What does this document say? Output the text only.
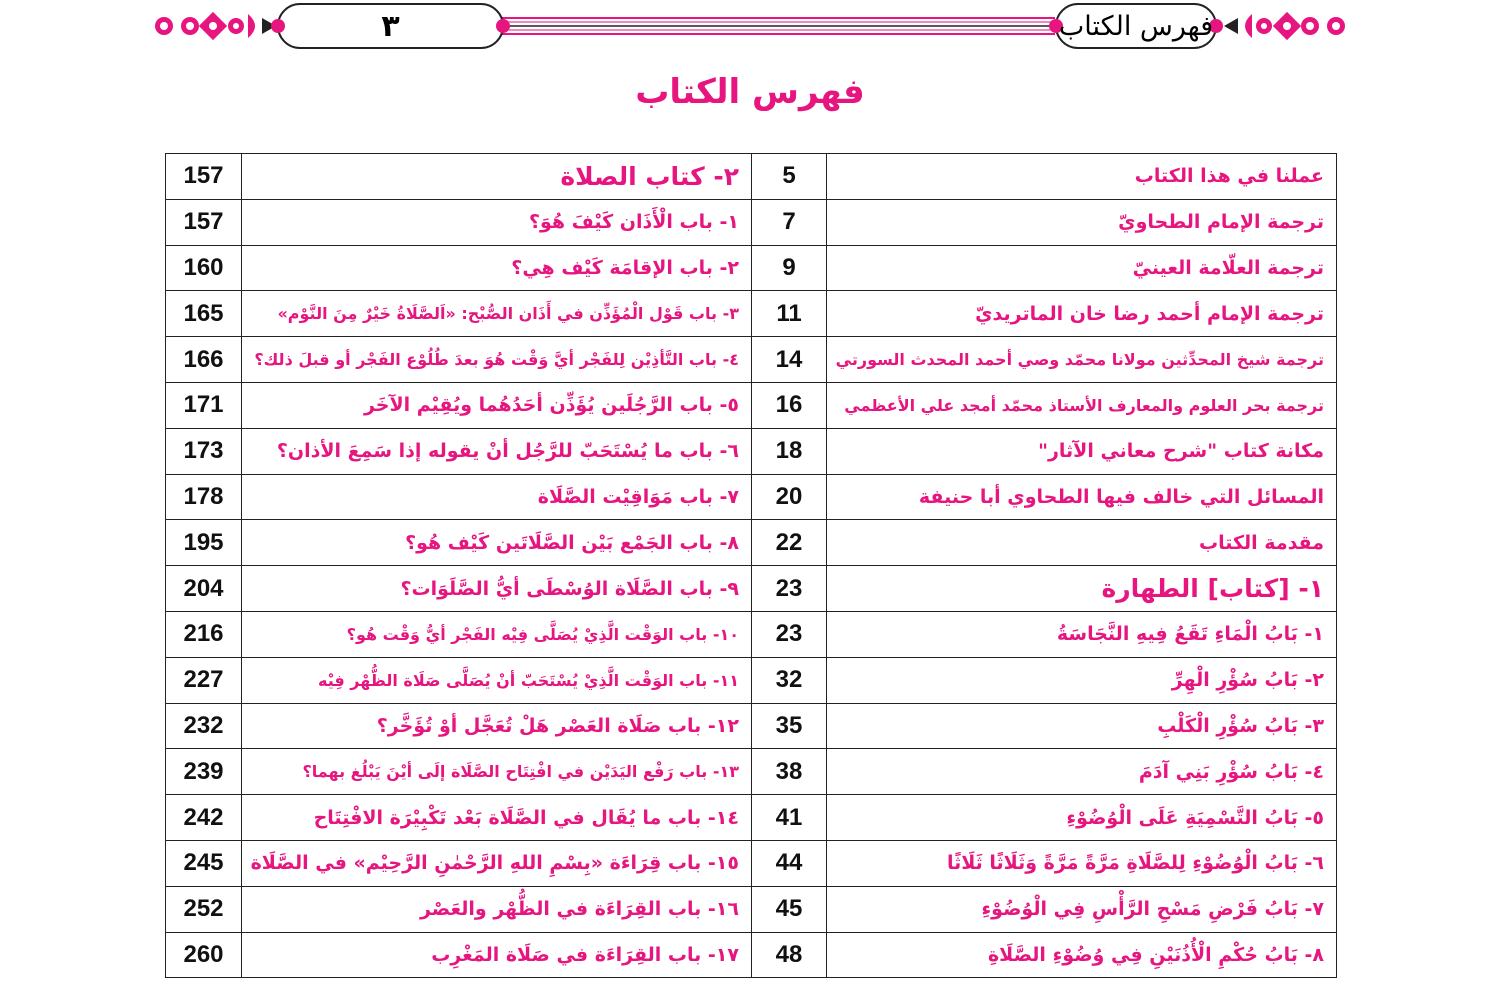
٣	فهرس الكتاب
فهرس الكتاب
157	٢- كتاب الصلاة	5	عملنا في هذا الكتاب
157	١- باب الْأَذَان كَيْفَ هُوَ؟	7	ترجمة الإمام الطحاويّ
160	٢- باب الإقامَة كَيْف هِي؟	9	ترجمة العلّامة العينيّ
165	٣- باب قَوْل الْمُؤَذِّن في أَذَان الصُّبْح: «اَلصَّلَاةُ خَيْرٌ مِنَ النَّوْم»	11	ترجمة الإمام أحمد رضا خان الماتريديّ
166	٤- باب التَّأذِيْن لِلفَجْر أيَّ وَقْت هُوَ بعدَ طُلُوْع الفَجْر أو قبلَ ذلك؟	14	ترجمة شيخ المحدِّثين مولانا محمّد وصي أحمد المحدث السورتي
171	٥- باب الرَّجُلَين يُؤَذِّن أحَدُهُما ويُقِيْم الآخَر	16	ترجمة بحر العلوم والمعارف الأستاذ محمّد أمجد علي الأعظمي
173	٦- باب ما يُسْتَحَبّ للرَّجُل أنْ يقوله إذا سَمِعَ الأذان؟	18	مكانة كتاب "شرح معاني الآثار"
178	٧- باب مَوَاقِيْت الصَّلَاة	20	المسائل التي خالف فيها الطحاوي أبا حنيفة
195	٨- باب الجَمْع بَيْن الصَّلَاتَين كَيْف هُو؟	22	مقدمة الكتاب
204	٩- باب الصَّلَاة الوُسْطَى أيُّ الصَّلَوَات؟	23	١- [كتاب] الطهارة
216	١٠- باب الوَقْت الَّذِيْ يُصَلَّى فِيْه الفَجْر أيُّ وَقْت هُو؟	23	١- بَابُ الْمَاءِ تَقَعُ فِيهِ النَّجَاسَةُ
227	١١- باب الوَقْت الَّذِيْ يُسْتَحَبّ أنْ يُصَلَّى صَلَاة الظُّهْر فِيْه	32	٢- بَابُ سُؤْرِ الْهِرِّ
232	١٢- باب صَلَاة العَصْر هَلْ تُعَجَّل أوْ تُؤَخَّر؟	35	٣- بَابُ سُؤْرِ الْكَلْبِ
239	١٣- باب رَفْع اليَدَيْن في افْتِتَاح الصَّلَاة إلَى أيْنَ يَبْلُغ بهما؟	38	٤- بَابُ سُؤْرِ بَنِي آدَمَ
242	١٤- باب ما يُقَال في الصَّلَاة بَعْد تَكْبِيْرَة الافْتِتَاح	41	٥- بَابُ التَّسْمِيَةِ عَلَى الْوُضُوْءِ
245	١٥- باب قِرَاءَة «بِسْمِ اللهِ الرَّحْمٰنِ الرَّحِيْم» في الصَّلَاة	44	٦- بَابُ الْوُضُوْءِ لِلصَّلَاةِ مَرَّةً مَرَّةً وَثَلَاثًا ثَلَاثًا
252	١٦- باب القِرَاءَة في الظُّهْر والعَصْر	45	٧- بَابُ فَرْضِ مَسْحِ الرَّأْسِ فِي الْوُضُوْءِ
260	١٧- باب القِرَاءَة في صَلَاة المَغْرِب	48	٨- بَابُ حُكْمِ الْأُذُنَيْنِ فِي وُضُوْءِ الصَّلَاةِ
